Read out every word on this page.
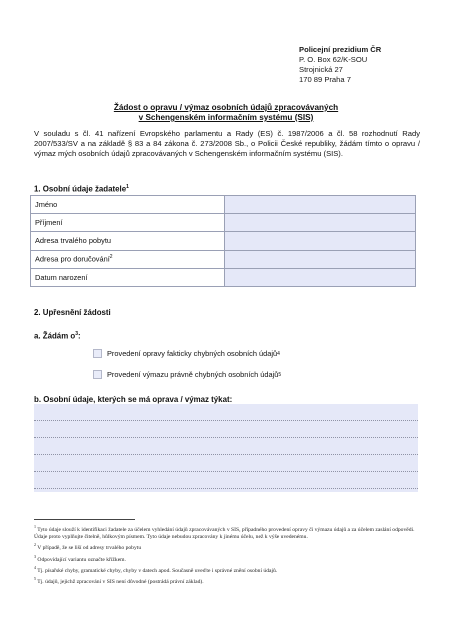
Policejní prezidium ČR
P. O. Box 62/K-SOU
Strojnická 27
170 89 Praha 7
Žádost o opravu / výmaz osobních údajů zpracovávaných
v Schengenském informačním systému (SIS)
V souladu s čl. 41 nařízení Evropského parlamentu a Rady (ES) č. 1987/2006 a čl. 58 rozhodnutí Rady 2007/533/SV a na základě § 83 a 84 zákona č. 273/2008 Sb., o Policii České republiky, žádám tímto o opravu / výmaz mých osobních údajů zpracovávaných v Schengenském informačním systému (SIS).
1. Osobní údaje žadatele$^1$
Jméno	
Příjmení	
Adresa trvalého pobytu	
Adresa pro doručování$^2$	
Datum narození	
2. Upřesnění žádosti
a. Žádám $o^3$:
Provedení opravy fakticky chybných osobních údajů 4
Provedení výmazu právně chybných osobních údajů 5
b. Osobní údaje, kterých se má oprava / výmaz týkat:

$^1$ Tyto údaje slouží k identifikaci žadatele za účelem vyhledání údajů zpracovávaných v SIS, případného provedení opravy či výmazu údajů a za účelem zaslání odpovědi. Údaje proto vyplňujte čitelně, hůlkovým písmem. Tyto údaje nebudou zpracovány k jinému účelu, než k výše uvedenému.

$^2$ V případě, že se liší od adresy trvalého pobytu

$^3$ Odpovídající variantu označte křížkem.

$^4$ Tj. písařské chyby, gramatické chyby, chyby v datech apod. Současně uveďte i správné znění osobní údajů.

$^5$ Tj. údajů, jejichž zpracování v SIS není důvodné (postrádá právní základ).
